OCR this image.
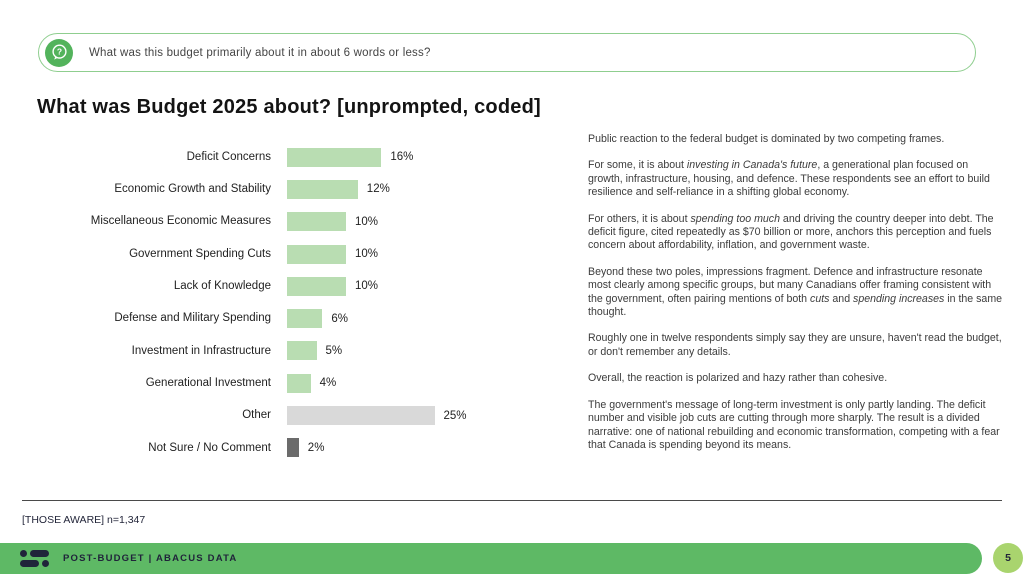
? What was this budget primarily about it in about 6 words or less?
What was Budget 2025 about? [unprompted, coded]
Deficit Concerns	16%
Economic Growth and Stability	12%
Miscellaneous Economic Measures	10%
Government Spending Cuts	10%
Lack of Knowledge	10%
Defense and Military Spending	6%
Investment in Infrastructure	5%
Generational Investment	4%
Other	25%
Not Sure / No Comment	2%

Public reaction to the federal budget is dominated by two competing frames.

For some, it is about investing in Canada's future, a generational plan focused on growth, infrastructure, housing, and defence. These respondents see an effort to build resilience and self-reliance in a shifting global economy.

For others, it is about spending too much and driving the country deeper into debt. The deficit figure, cited repeatedly as $70 billion or more, anchors this perception and fuels concern about affordability, inflation, and government waste.

Beyond these two poles, impressions fragment. Defence and infrastructure resonate most clearly among specific groups, but many Canadians offer framing consistent with the government, often pairing mentions of both cuts and spending increases in the same thought.

Roughly one in twelve respondents simply say they are unsure, haven't read the budget, or don't remember any details.

Overall, the reaction is polarized and hazy rather than cohesive.

The government's message of long-term investment is only partly landing. The deficit number and visible job cuts are cutting through more sharply. The result is a divided narrative: one of national rebuilding and economic transformation, competing with a fear that Canada is spending beyond its means.

[THOSE AWARE] n=1,347
POST-BUDGET | ABACUS DATA	5
